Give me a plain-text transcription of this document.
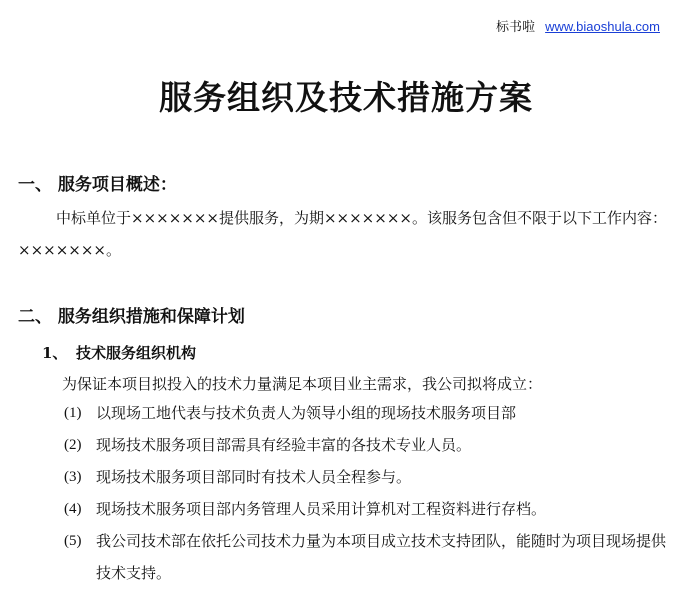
标书啦 www.biaoshula.com
服务组织及技术措施方案
一、 服务项目概述：
中标单位于×××××××提供服务，为期×××××××。该服务包含但不限于以下工作内容：×××××××。
二、 服务组织措施和保障计划
1、 技术服务组织机构
为保证本项目拟投入的技术力量满足本项目业主需求，我公司拟将成立：
(1) 以现场工地代表与技术负责人为领导小组的现场技术服务项目部
(2) 现场技术服务项目部需具有经验丰富的各技术专业人员。
(3) 现场技术服务项目部同时有技术人员全程参与。
(4) 现场技术服务项目部内务管理人员采用计算机对工程资料进行存档。
(5) 我公司技术部在依托公司技术力量为本项目成立技术支持团队，能随时为项目现场提供技术支持。
